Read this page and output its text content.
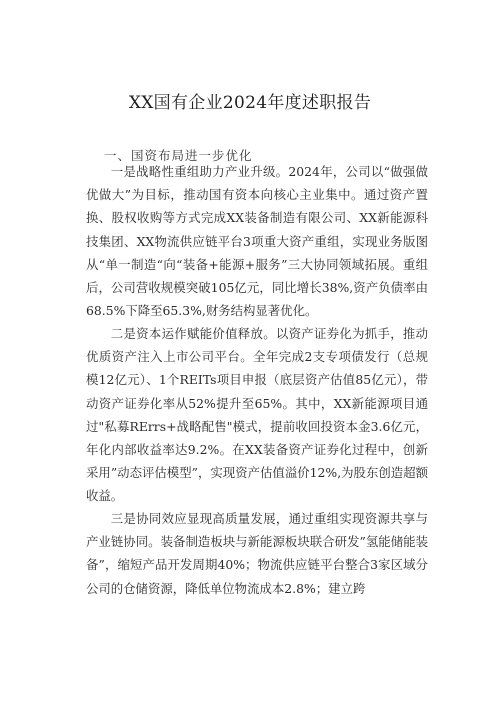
XX国有企业2024年度述职报告
一、国资布局进一步优化
一是战略性重组助力产业升级。2024年，公司以“做强做优做大”为目标，推动国有资本向核心主业集中。通过资产置换、股权收购等方式完成XX装备制造有限公司、XX新能源科技集团、XX物流供应链平台3项重大资产重组，实现业务版图从“单一制造“向“装备+能源+服务”三大协同领域拓展。重组后，公司营收规模突破105亿元，同比增长38%,资产负债率由68.5%下降至65.3%,财务结构显著优化。
二是资本运作赋能价值释放。以资产证券化为抓手，推动优质资产注入上市公司平台。全年完成2支专项债发行（总规模12亿元）、1个REITs项目申报（底层资产估值85亿元），带动资产证券化率从52%提升至65%。其中，XX新能源项目通过"私募RErrs+战略配售"模式，提前收回投资本金3.6亿元，年化内部收益率达9.2%。在XX装备资产证券化过程中，创新采用”动态评估模型”，实现资产估值溢价12%,为股东创造超额收益。
三是协同效应显现高质量发展，通过重组实现资源共享与产业链协同。装备制造板块与新能源板块联合研发”氢能储能装备”，缩短产品开发周期40%；物流供应链平台整合3家区域分公司的仓储资源，降低单位物流成本2.8%；建立跨
